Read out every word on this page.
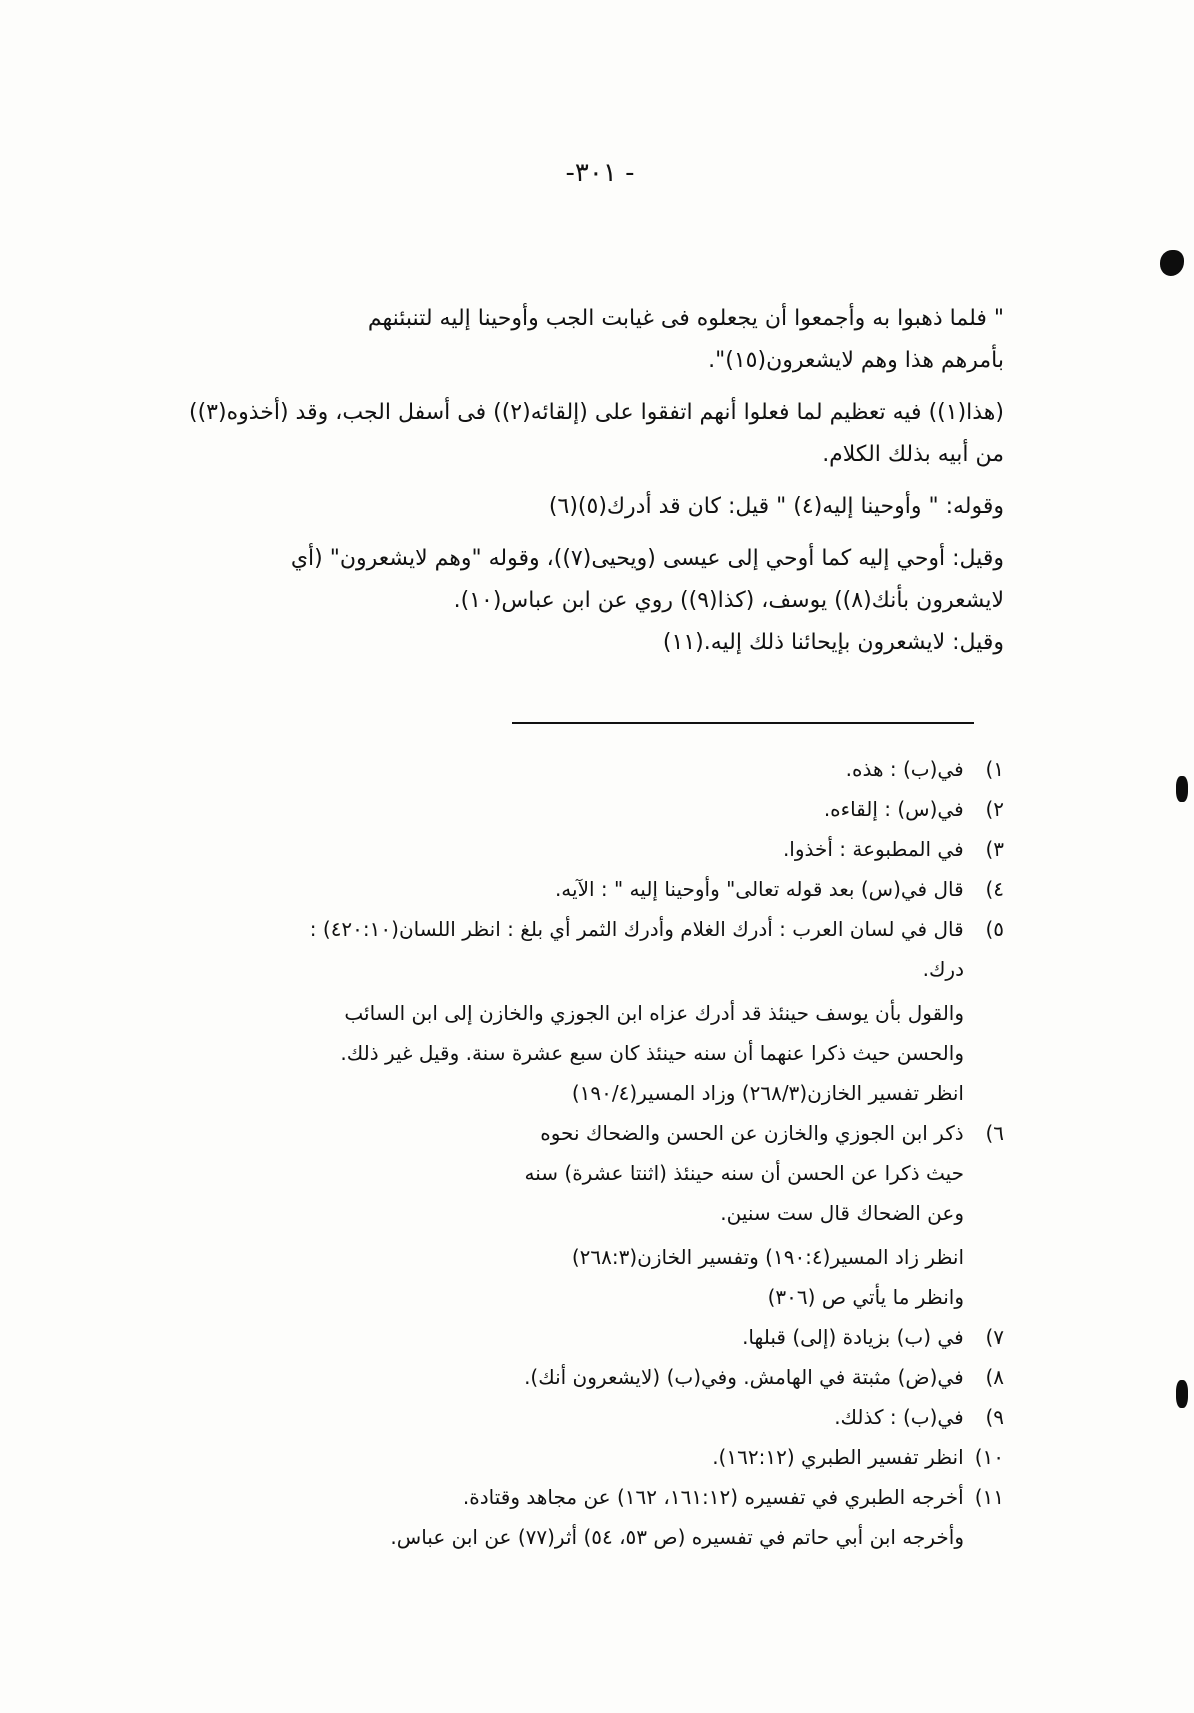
-٣٠١ -

" فلما ذهبوا به وأجمعوا أن يجعلوه فى غيابت الجب وأوحينا إليه لتنبئنهم

بأمرهم هذا وهم لايشعرون(١٥)".

(هذا(١)) فيه تعظيم لما فعلوا أنهم اتفقوا على (إلقائه(٢)) فى أسفل الجب، وقد (أخذوه(٣))

من أبيه بذلك الكلام.

وقوله: " وأوحينا إليه(٤) " قيل: كان قد أدرك(٥)(٦)

وقيل: أوحي إليه كما أوحي إلى عيسى (ويحيى(٧))، وقوله "وهم لايشعرون" (أي

لايشعرون بأنك(٨)) يوسف، (كذا(٩)) روي عن ابن عباس(١٠).

وقيل: لايشعرون بإيحائنا ذلك إليه.(١١)

١) في(ب) : هذه.
٢) في(س) : إلقاءه.
٣) في المطبوعة : أخذوا.
٤) قال في(س) بعد قوله تعالى" وأوحينا إليه " : الآيه.
٥) قال في لسان العرب : أدرك الغلام وأدرك الثمر أي بلغ : انظر اللسان(٤٢٠:١٠) :
درك.
والقول بأن يوسف حينئذ قد أدرك عزاه ابن الجوزي والخازن إلى ابن السائب
والحسن حيث ذكرا عنهما أن سنه حينئذ كان سبع عشرة سنة. وقيل غير ذلك.
انظر تفسير الخازن(٢٦٨/٣) وزاد المسير(١٩٠/٤)
٦) ذكر ابن الجوزي والخازن عن الحسن والضحاك نحوه
حيث ذكرا عن الحسن أن سنه حينئذ (اثنتا عشرة) سنه
وعن الضحاك قال ست سنين.
انظر زاد المسير(١٩٠:٤) وتفسير الخازن(٢٦٨:٣)
وانظر ما يأتي ص (٣٠٦)
٧) في (ب) بزيادة (إلى) قبلها.
٨) في(ض) مثبتة في الهامش. وفي(ب) (لايشعرون أنك).
٩) في(ب) : كذلك.
١٠) انظر تفسير الطبري (١٦٢:١٢).
١١) أخرجه الطبري في تفسيره (١٦١:١٢، ١٦٢) عن مجاهد وقتادة.
وأخرجه ابن أبي حاتم في تفسيره (ص ٥٣، ٥٤) أثر(٧٧) عن ابن عباس.
